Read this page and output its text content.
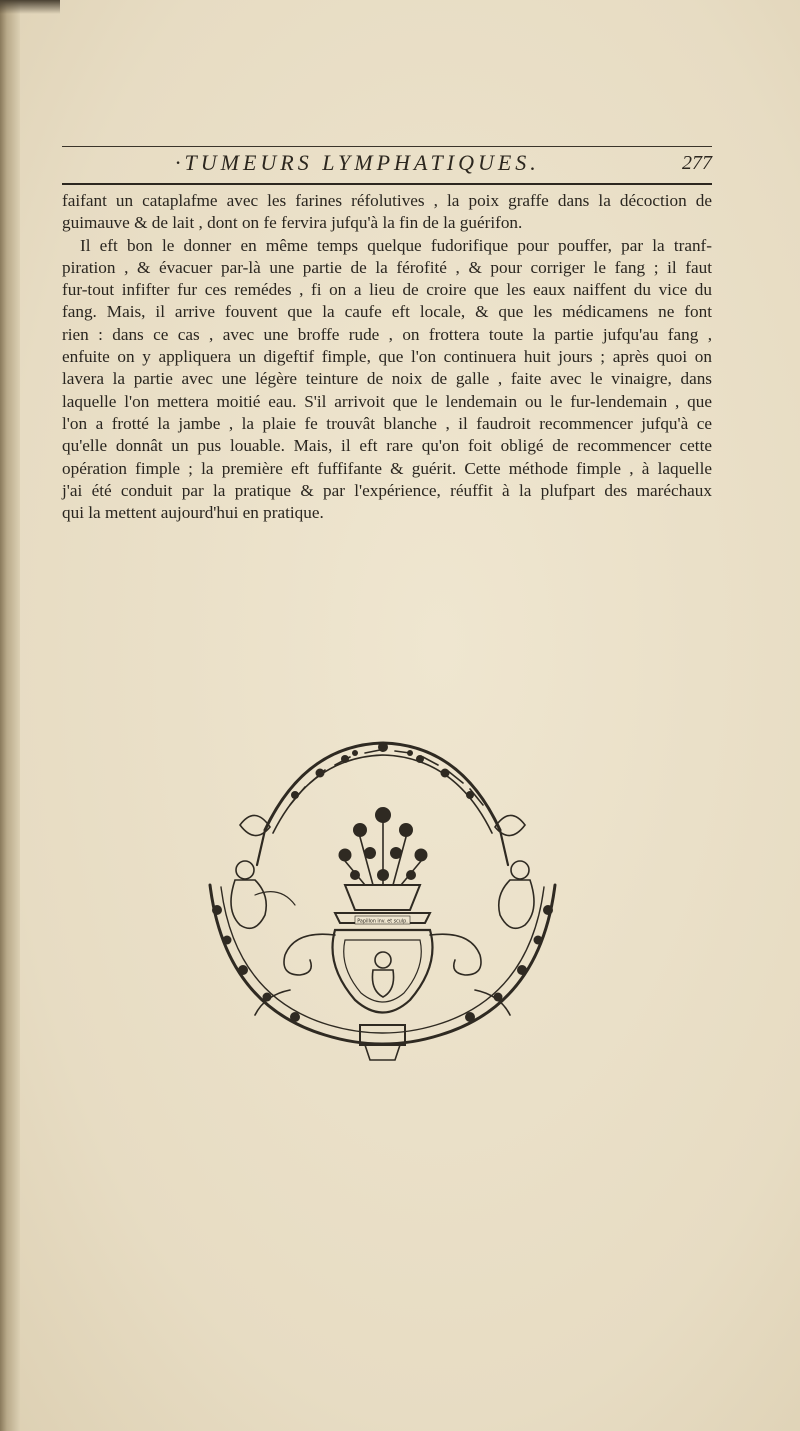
·TUMEURS LYMPHATIQUES.	277

faifant un cataplafme avec les farines réfolutives , la poix graffe dans la décoction de

guimauve & de lait , dont on fe fervira jufqu'à la fin de la guérifon.

Il eft bon le donner en même temps quelque fudorifique pour pouffer, par la tranf-

piration , & évacuer par-là une partie de la férofité , & pour corriger le fang ; il faut

fur-tout infifter fur ces remédes , fi on a lieu de croire que les eaux naiffent du vice du

fang. Mais, il arrive fouvent que la caufe eft locale, & que les médicamens ne font

rien : dans ce cas , avec une broffe rude , on frottera toute la partie jufqu'au fang ,

enfuite on y appliquera un digeftif fimple, que l'on continuera huit jours ; après quoi on

lavera la partie avec une légère teinture de noix de galle , faite avec le vinaigre, dans

laquelle l'on mettera moitié eau. S'il arrivoit que le lendemain ou le fur-lendemain , que

l'on a frotté la jambe , la plaie fe trouvât blanche , il faudroit recommencer jufqu'à ce

qu'elle donnât un pus louable. Mais, il eft rare qu'on foit obligé de recommencer cette

opération fimple ; la première eft fuffifante & guérit. Cette méthode fimple , à laquelle

j'ai été conduit par la pratique & par l'expérience, réuffit à la plufpart des maréchaux

qui la mettent aujourd'hui en pratique.

Papillon inv. et sculp.
